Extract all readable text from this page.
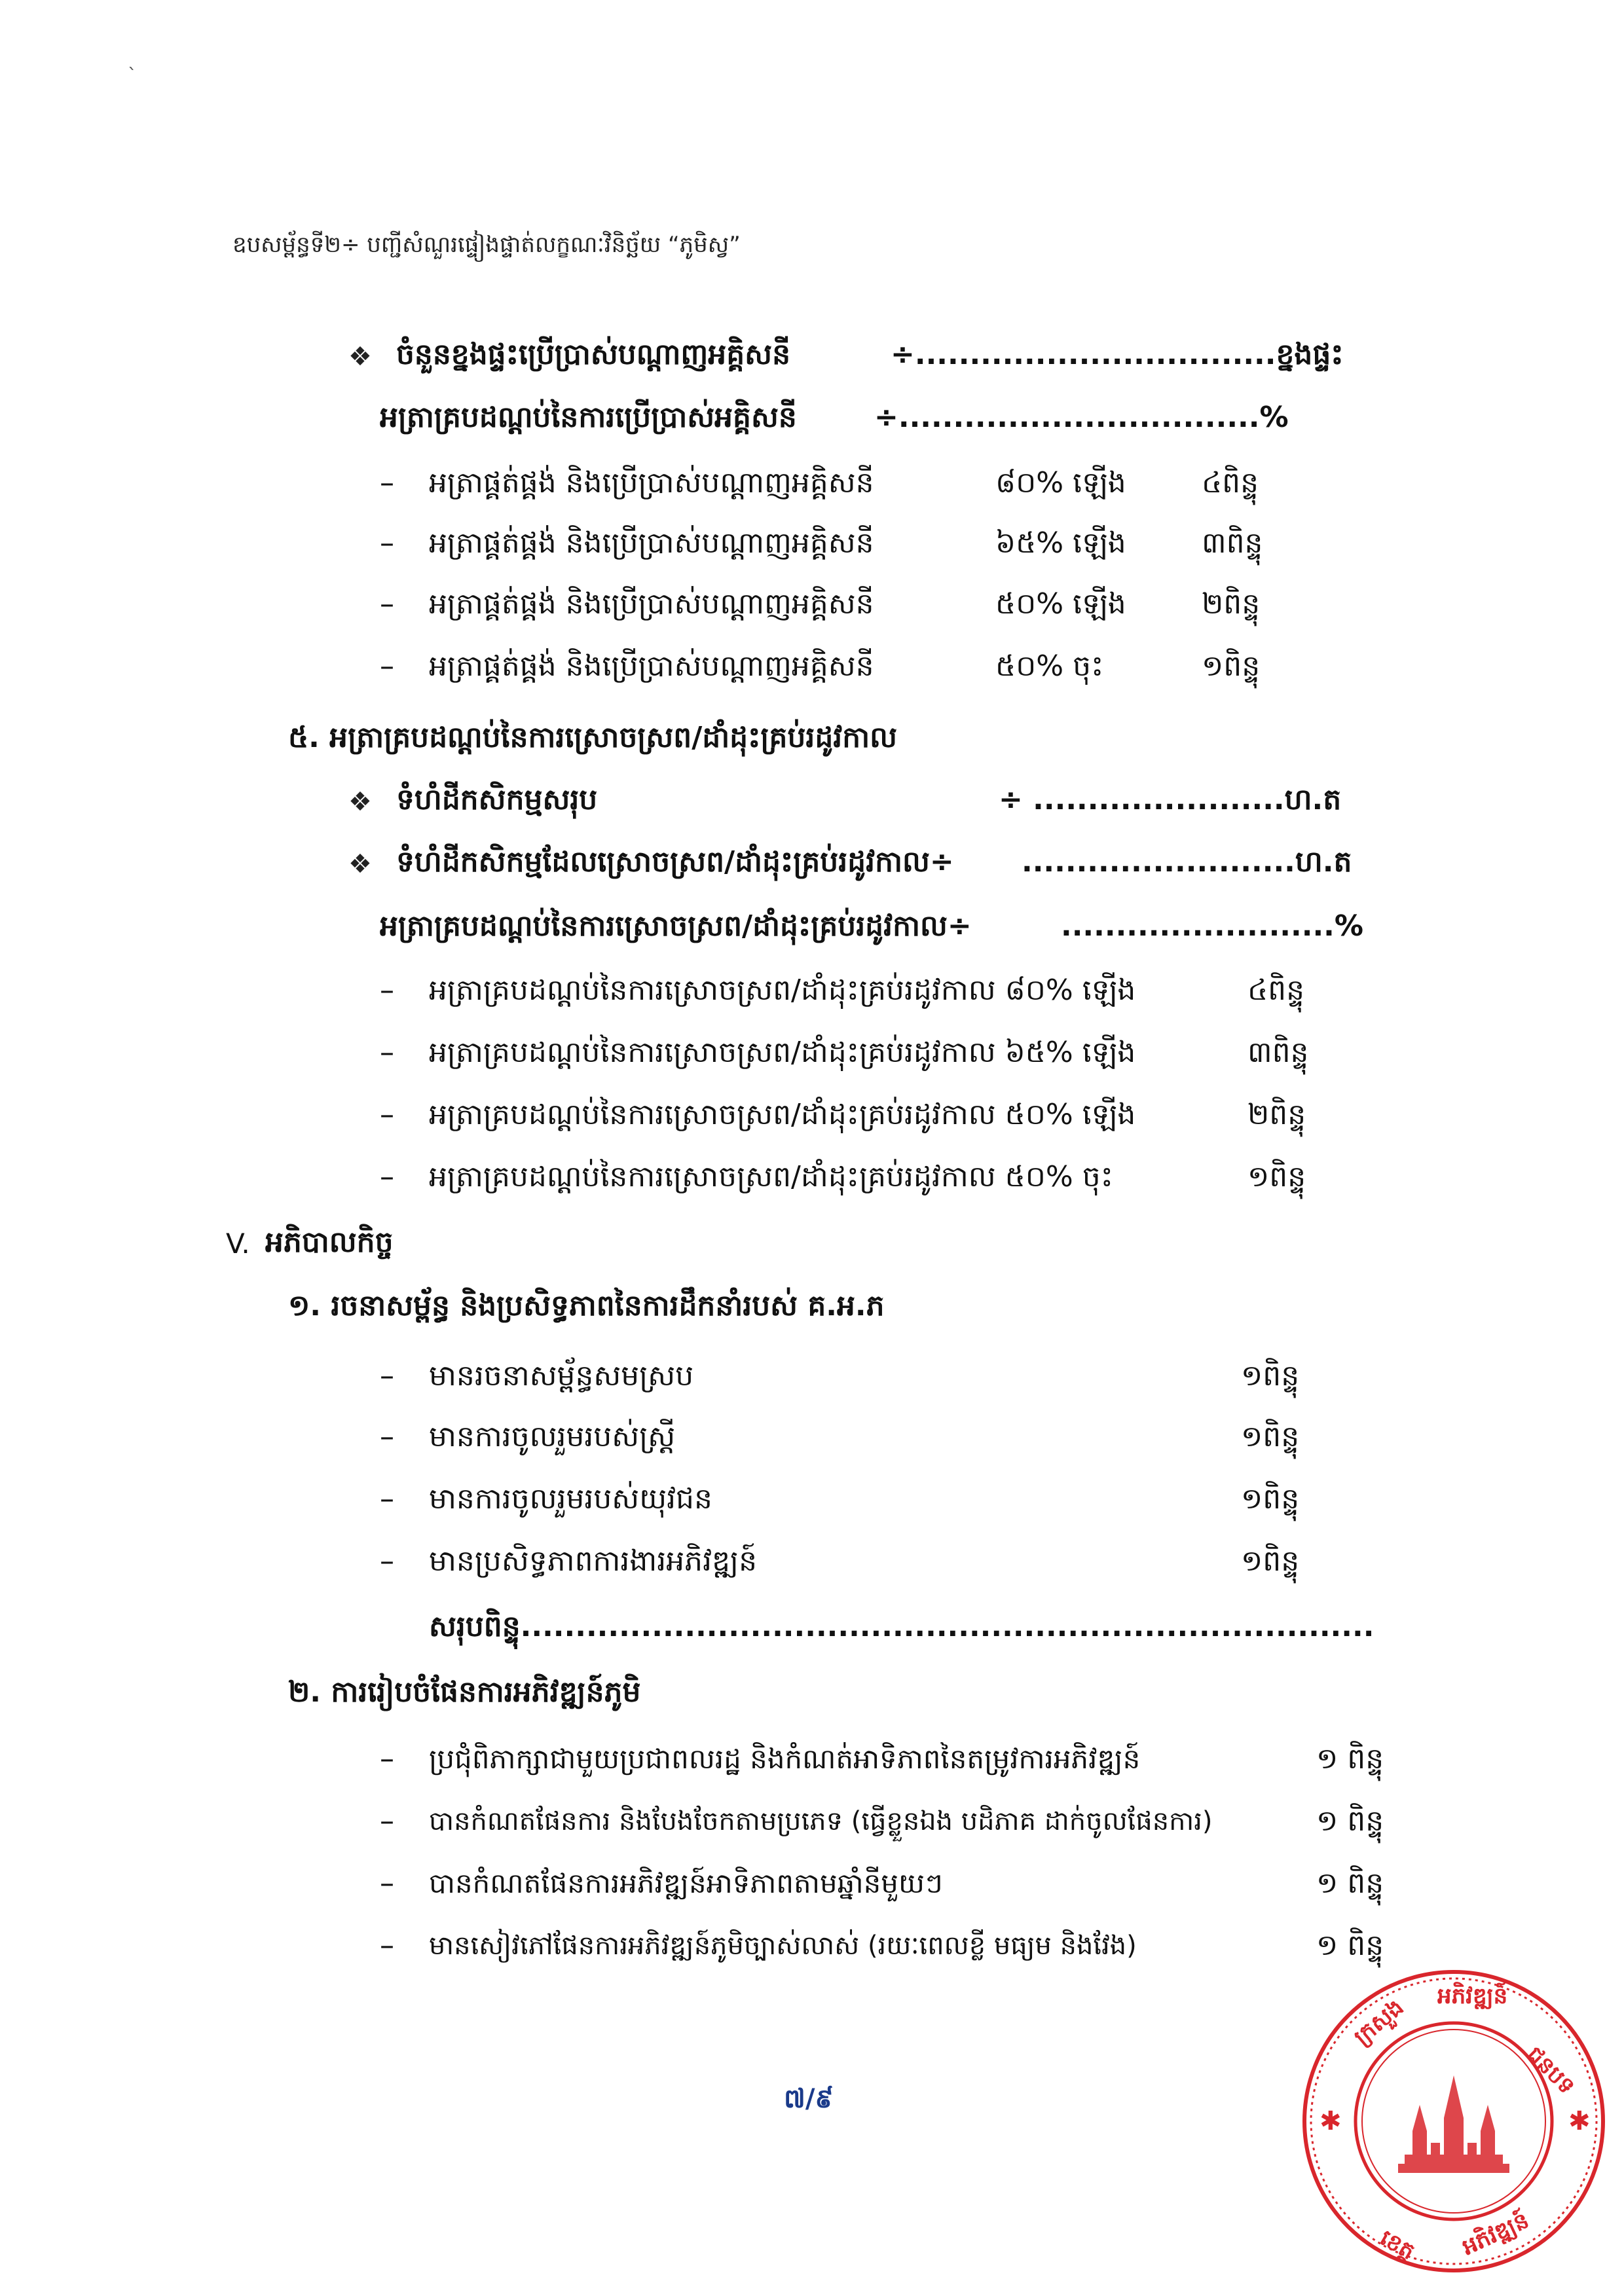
`
ឧបសម្ព័ន្ធទី២÷ បញ្ជីសំណួរផ្ទៀងផ្ទាត់លក្ខណៈវិនិច្ឆ័យ “ភូមិស្វ”
❖ ចំនួនខ្នងផ្ទះប្រើប្រាស់បណ្ដាញអគ្គិសនី	÷.................................ខ្នងផ្ទះ
អត្រាគ្របដណ្ដប់នៃការប្រើប្រាស់អគ្គិសនី	÷.................................%
– អត្រាផ្គត់ផ្គង់ និងប្រើប្រាស់បណ្ដាញអគ្គិសនី	៨០% ឡើង	៤ពិន្ទុ
– អត្រាផ្គត់ផ្គង់ និងប្រើប្រាស់បណ្ដាញអគ្គិសនី	៦៥% ឡើង	៣ពិន្ទុ
– អត្រាផ្គត់ផ្គង់ និងប្រើប្រាស់បណ្ដាញអគ្គិសនី	៥០% ឡើង	២ពិន្ទុ
– អត្រាផ្គត់ផ្គង់ និងប្រើប្រាស់បណ្ដាញអគ្គិសនី	៥០% ចុះ	១ពិន្ទុ
៥. អត្រាគ្របដណ្ដប់នៃការស្រោចស្រព/ដាំដុះគ្រប់រដូវកាល
❖ ទំហំដីកសិកម្មសរុប	÷ .......................ហ.ត
❖ ទំហំដីកសិកម្មដែលស្រោចស្រព/ដាំដុះគ្រប់រដូវកាល÷ .........................ហ.ត
អត្រាគ្របដណ្ដប់នៃការស្រោចស្រព/ដាំដុះគ្រប់រដូវកាល÷	.........................%
– អត្រាគ្របដណ្ដប់នៃការស្រោចស្រព/ដាំដុះគ្រប់រដូវកាល ៨០% ឡើង	៤ពិន្ទុ
– អត្រាគ្របដណ្ដប់នៃការស្រោចស្រព/ដាំដុះគ្រប់រដូវកាល ៦៥% ឡើង	៣ពិន្ទុ
– អត្រាគ្របដណ្ដប់នៃការស្រោចស្រព/ដាំដុះគ្រប់រដូវកាល ៥០% ឡើង	២ពិន្ទុ
– អត្រាគ្របដណ្ដប់នៃការស្រោចស្រព/ដាំដុះគ្រប់រដូវកាល ៥០% ចុះ	១ពិន្ទុ
V. អភិបាលកិច្ច
១. រចនាសម្ព័ន្ធ និងប្រសិទ្ធភាពនៃការដឹកនាំរបស់ គ.អ.ភ
– មានរចនាសម្ព័ន្ធសមស្រប	១ពិន្ទុ
– មានការចូលរួមរបស់ស្ត្រី	១ពិន្ទុ
– មានការចូលរួមរបស់យុវជន	១ពិន្ទុ
– មានប្រសិទ្ធភាពការងារអភិវឌ្ឍន៍	១ពិន្ទុ
សរុបពិន្ទុ..............................................................................
២. ការរៀបចំផែនការអភិវឌ្ឍន៍ភូមិ
– ប្រជុំពិភាក្សាជាមួយប្រជាពលរដ្ឋ និងកំណត់អាទិភាពនៃតម្រូវការអភិវឌ្ឍន៍	១ ពិន្ទុ
– បានកំណតផែនការ និងបែងចែកតាមប្រភេទ (ធ្វើខ្លួនឯង បដិភាគ ដាក់ចូលផែនការ)	១ ពិន្ទុ
– បានកំណតផែនការអភិវឌ្ឍន៍អាទិភាពតាមឆ្នាំនីមួយៗ	១ ពិន្ទុ
– មានសៀវភៅផែនការអភិវឌ្ឍន៍ភូមិច្បាស់លាស់ (រយៈពេលខ្លី មធ្យម និងវែង)	១ ពិន្ទុ
៧/៩
ក្រសួង អភិវឌ្ឍន៍
ជនបទ
ខេត្ត អភិវឌ្ឍន៍
✱	✱
